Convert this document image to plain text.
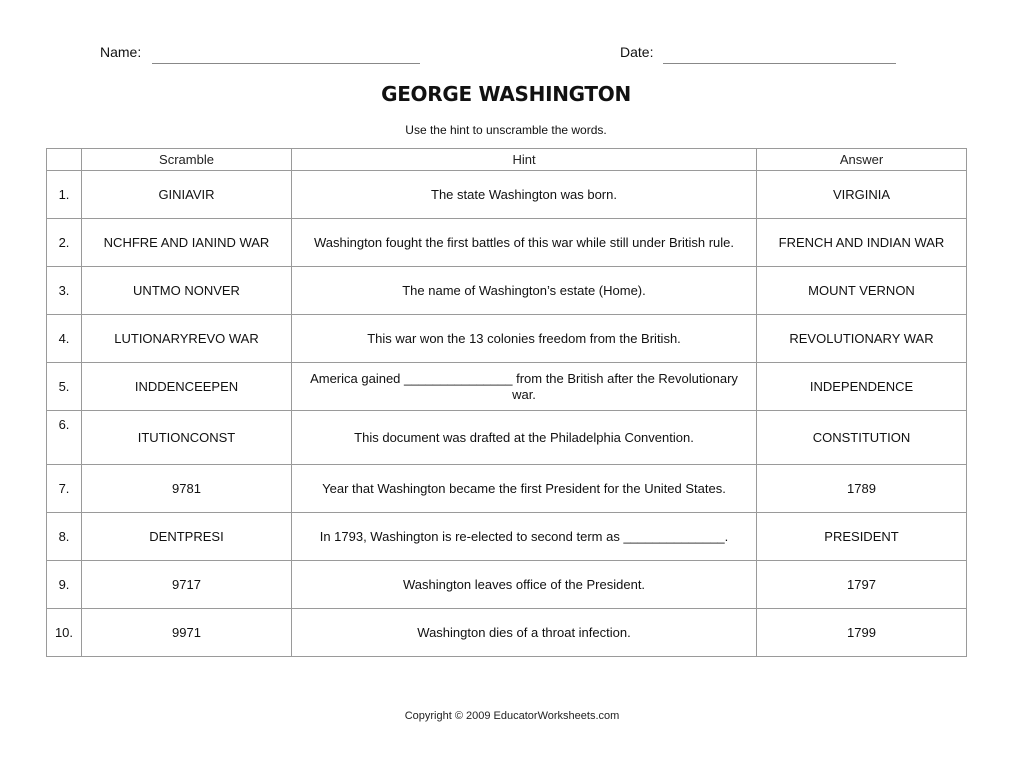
Name:	Date:
GEORGE WASHINGTON
Use the hint to unscramble the words.
	Scramble	Hint	Answer
1.	GINIAVIR	The state Washington was born.	VIRGINIA
2.	NCHFRE AND IANIND WAR	Washington fought the first battles of this war while still under British rule.	FRENCH AND INDIAN WAR
3.	UNTMO NONVER	The name of Washington’s estate (Home).	MOUNT VERNON
4.	LUTIONARYREVO WAR	This war won the 13 colonies freedom from the British.	REVOLUTIONARY WAR
5.	INDDENCEEPEN	America gained _______________ from the British after the Revolutionary war.	INDEPENDENCE
6.	ITUTIONCONST	This document was drafted at the Philadelphia Convention.	CONSTITUTION
7.	9781	Year that Washington became the first President for the United States.	1789
8.	DENTPRESI	In 1793, Washington is re-elected to second term as ______________.	PRESIDENT
9.	9717	Washington leaves office of the President.	1797
10.	9971	Washington dies of a throat infection.	1799
Copyright © 2009 EducatorWorksheets.com
